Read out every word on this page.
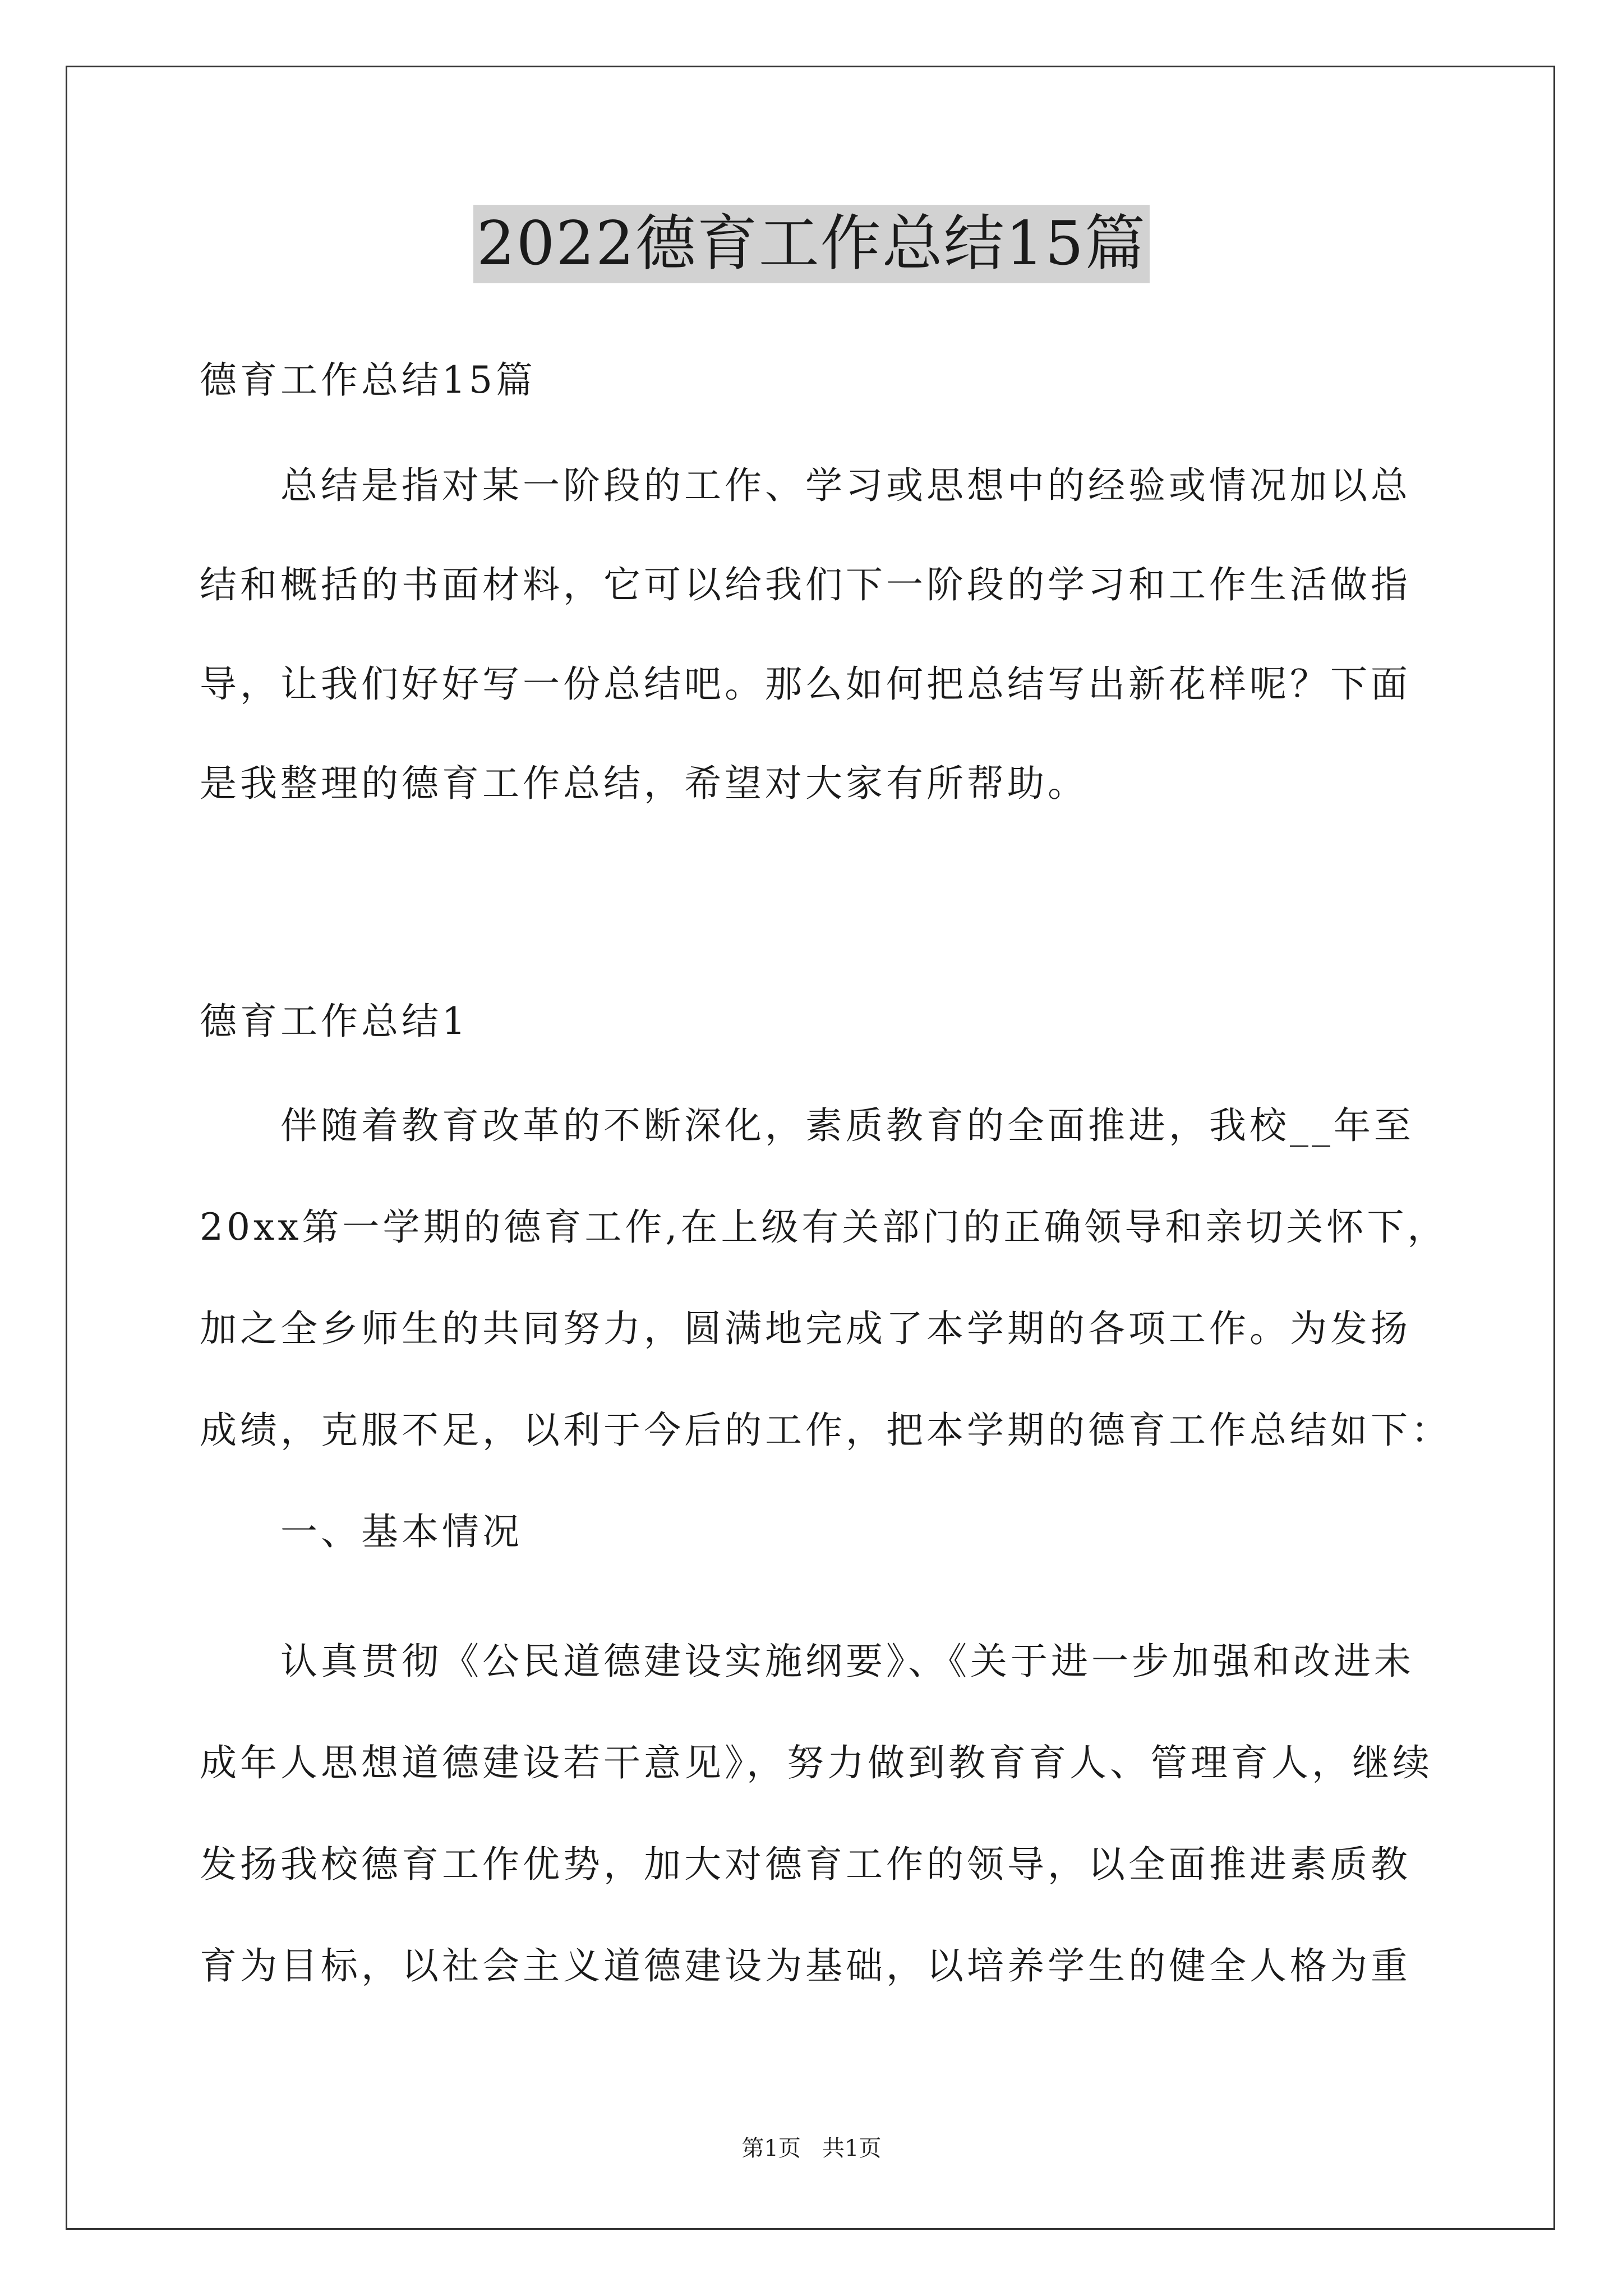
2022德育工作总结15篇
德育工作总结15篇
总结是指对某一阶段的工作、学习或思想中的经验或情况加以总
结和概括的书面材料，它可以给我们下一阶段的学习和工作生活做指
导，让我们好好写一份总结吧。那么如何把总结写出新花样呢？下面
是我整理的德育工作总结，希望对大家有所帮助。
德育工作总结1
伴随着教育改革的不断深化，素质教育的全面推进，我校__年至
20xx第一学期的德育工作,在上级有关部门的正确领导和亲切关怀下，
加之全乡师生的共同努力，圆满地完成了本学期的各项工作。为发扬
成绩，克服不足，以利于今后的工作，把本学期的德育工作总结如下：
一、基本情况
认真贯彻《公民道德建设实施纲要》、《关于进一步加强和改进未
成年人思想道德建设若干意见》，努力做到教育育人、管理育人，继续
发扬我校德育工作优势，加大对德育工作的领导，以全面推进素质教
育为目标，以社会主义道德建设为基础，以培养学生的健全人格为重
第1页   共1页
